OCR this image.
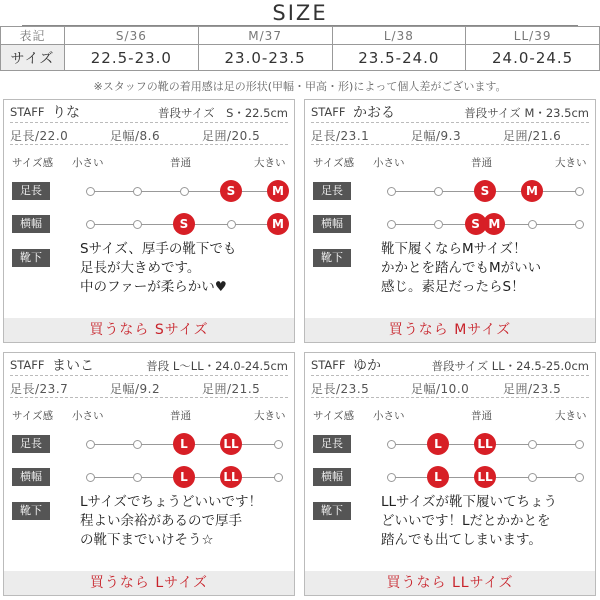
SIZE
表記	S/36	M/37	L/38	LL/39
サイズ	22.5-23.0	23.0-23.5	23.5-24.0	24.0-24.5
※スタッフの靴の着用感は足の形状(甲幅・甲高・形)によって個人差がございます。
STAFF りな	普段サイズ　S・22.5cm
足長/22.0	足幅/8.6	足囲/20.5
サイズ感 小さい	普通	大きい
足長	S	M
横幅	S	M
靴下
Sサイズ、厚手の靴下でも
足長が大きめです。
中のファーが柔らかい♥
買うなら Sサイズ
STAFF かおる	普段サイズ M・23.5cm
足長/23.1	足幅/9.3	足囲/21.6
サイズ感 小さい	普通	大きい
足長	S	M
横幅	S M
靴下
靴下履くならMサイズ！
かかとを踏んでもMがいい
感じ。素足だったらS！
買うなら Mサイズ
STAFF まいこ	普段 L〜LL・24.0-24.5cm
足長/23.7	足幅/9.2	足囲/21.5
サイズ感 小さい	普通	大きい
足長	L	LL
横幅	L	LL
靴下
Lサイズでちょうどいいです！
程よい余裕があるので厚手
の靴下までいけそう☆
買うなら Lサイズ
STAFF ゆか	普段サイズ LL・24.5-25.0cm
足長/23.5	足幅/10.0	足囲/23.5
サイズ感 小さい	普通	大きい
足長	L	LL
横幅	L	LL
靴下
LLサイズが靴下履いてちょう
どいいです！Lだとかかとを
踏んでも出てしまいます。
買うなら LLサイズ
